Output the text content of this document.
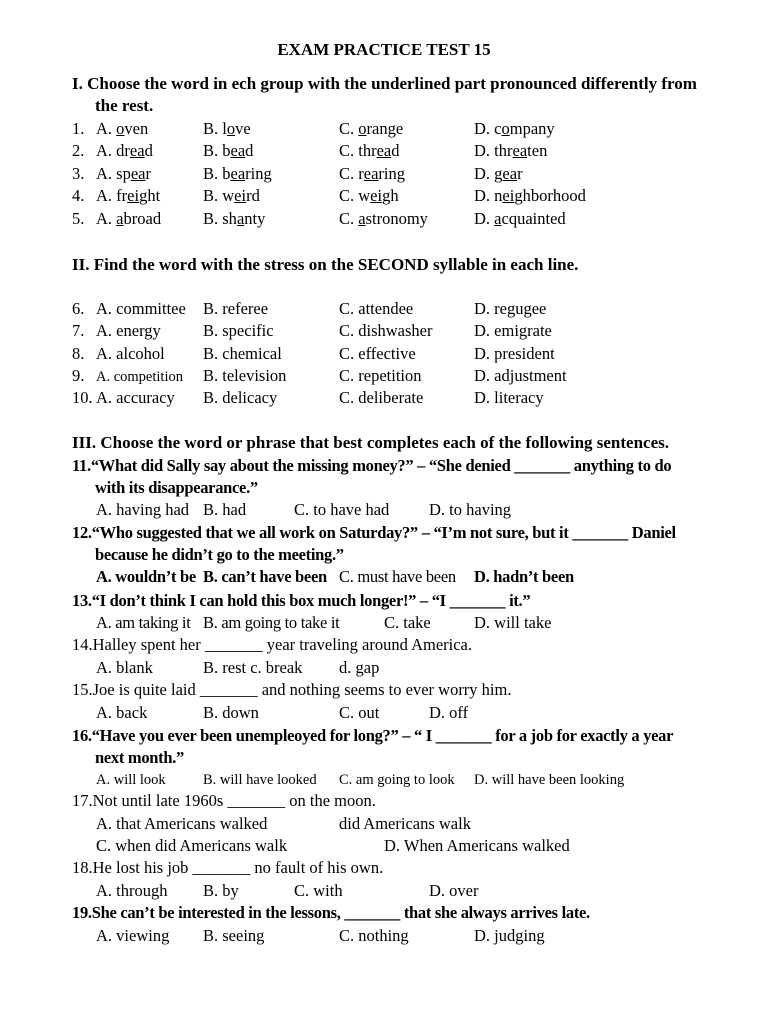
EXAM PRACTICE TEST 15
I. Choose the word in ech group with the underlined part pronounced differently from
the rest.
1. A. oven	B. love	C. orange	D. company
2. A. dread	B. bead	C. thread	D. threaten
3. A. spear	B. bearing	C. rearing	D. gear
4. A. freight	B. weird	C. weigh	D. neighborhood
5. A. abroad	B. shanty	C. astronomy	D. acquainted
II. Find the word with the stress on the SECOND syllable in each line.
6. A. committee B. referee	C. attendee	D. regugee
7. A. energy	B. specific	C. dishwasher	D. emigrate
8. A. alcohol B. chemical	C. effective	D. president
9. A. competition B. television	C. repetition	D. adjustment
10. A. accuracy B. delicacy	C. deliberate	D. literacy
III. Choose the word or phrase that best completes each of the following sentences.
11.“What did Sally say about the missing money?” – “She denied _______ anything to do
with its disappearance.”
A. having had B. had	C. to have had D. to having
12.“Who suggested that we all work on Saturday?” – “I’m not sure, but it _______ Daniel
because he didn’t go to the meeting.”
A. wouldn’t be B. can’t have been C. must have been D. hadn’t been
13.“I don’t think I can hold this box much longer!” – “I _______ it.”
A. am taking it B. am going to take it	C. take	D. will take
14.Halley spent her _______ year traveling around America.
A. blank	B. rest c. break d. gap
15.Joe is quite laid _______ and nothing seems to ever worry him.
A. back	B. down	C. out	D. off
16.“Have you ever been unempleoyed for long?” – “ I _______ for a job for exactly a year
next month.”
A. will look	B. will have looked C. am going to look D. will have been looking
17.Not until late 1960s _______ on the moon.
A. that Americans walked	did Americans walk
C. when did Americans walk	D. When Americans walked
18.He lost his job _______ no fault of his own.
A. through B. by	C. with	D. over
19.She can’t be interested in the lessons, _______ that she always arrives late.
A. viewing B. seeing	C. nothing	D. judging
